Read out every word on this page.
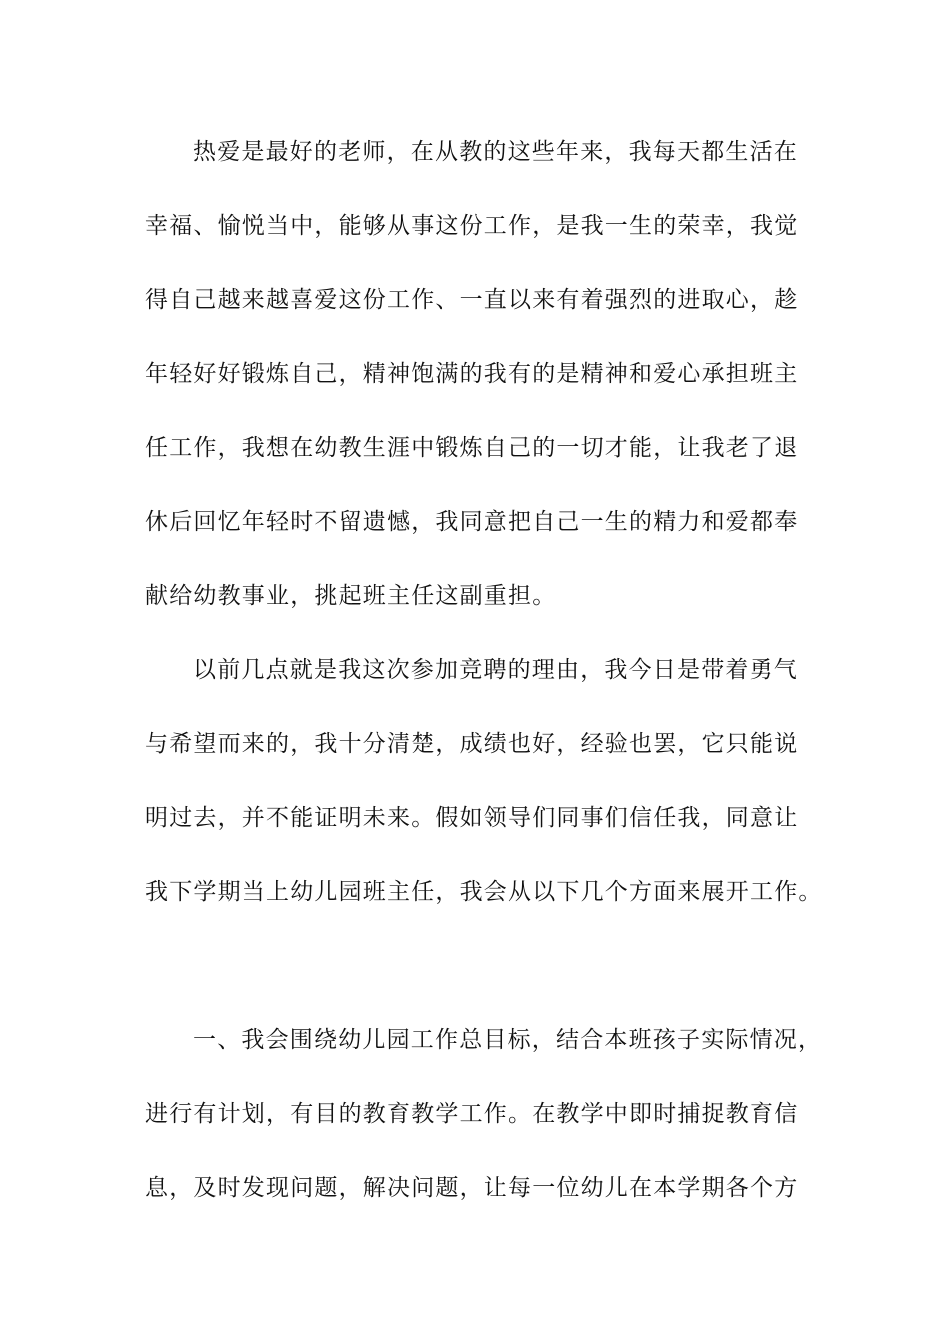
热爱是最好的老师，在从教的这些年来，我每天都生活在
幸福、愉悦当中，能够从事这份工作，是我一生的荣幸，我觉
得自己越来越喜爱这份工作、一直以来有着强烈的进取心，趁
年轻好好锻炼自己，精神饱满的我有的是精神和爱心承担班主
任工作，我想在幼教生涯中锻炼自己的一切才能，让我老了退
休后回忆年轻时不留遗憾，我同意把自己一生的精力和爱都奉
献给幼教事业，挑起班主任这副重担。
以前几点就是我这次参加竞聘的理由，我今日是带着勇气
与希望而来的，我十分清楚，成绩也好，经验也罢，它只能说
明过去，并不能证明未来。假如领导们同事们信任我，同意让
我下学期当上幼儿园班主任，我会从以下几个方面来展开工作。
一、我会围绕幼儿园工作总目标，结合本班孩子实际情况，
进行有计划，有目的教育教学工作。在教学中即时捕捉教育信
息，及时发现问题，解决问题，让每一位幼儿在本学期各个方
